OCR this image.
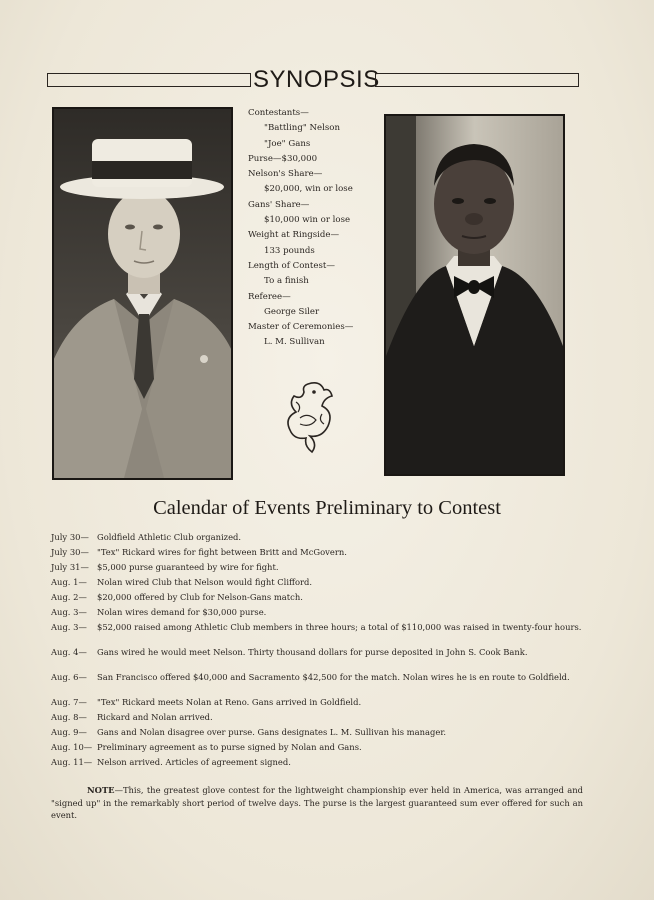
SYNOPSIS
Contestants—
"Battling" Nelson
"Joe" Gans
Purse—$30,000
Nelson's Share—
$20,000, win or lose
Gans' Share—
$10,000 win or lose
Weight at Ringside—
133 pounds
Length of Contest—
To a finish
Referee—
George Siler
Master of Ceremonies—
L. M. Sullivan
Calendar of Events Preliminary to Contest
July 30— Goldfield Athletic Club organized.
July 30— "Tex" Rickard wires for fight between Britt and McGovern.
July 31— $5,000 purse guaranteed by wire for fight.
Aug. 1—	Nolan wired Club that Nelson would fight Clifford.
Aug. 2—	$20,000 offered by Club for Nelson-Gans match.
Aug. 3—	Nolan wires demand for $30,000 purse.
Aug. 3—	$52,000 raised among Athletic Club members in three hours; a total of $110,000 was raised in twenty-four hours.
Aug. 4—	Gans wired he would meet Nelson. Thirty thousand dollars for purse deposited in John S. Cook Bank.
Aug. 6—	San Francisco offered $40,000 and Sacramento $42,500 for the match. Nolan wires he is en route to Goldfield.
Aug. 7—	"Tex" Rickard meets Nolan at Reno. Gans arrived in Goldfield.
Aug. 8—	Rickard and Nolan arrived.
Aug. 9—	Gans and Nolan disagree over purse. Gans designates L. M. Sullivan his manager.
Aug. 10— Preliminary agreement as to purse signed by Nolan and Gans.
Aug. 11— Nelson arrived. Articles of agreement signed.
NOTE—This, the greatest glove contest for the lightweight championship ever held in America, was arranged and "signed up" in the remarkably short period of twelve days. The purse is the largest guaranteed sum ever offered for such an event.
